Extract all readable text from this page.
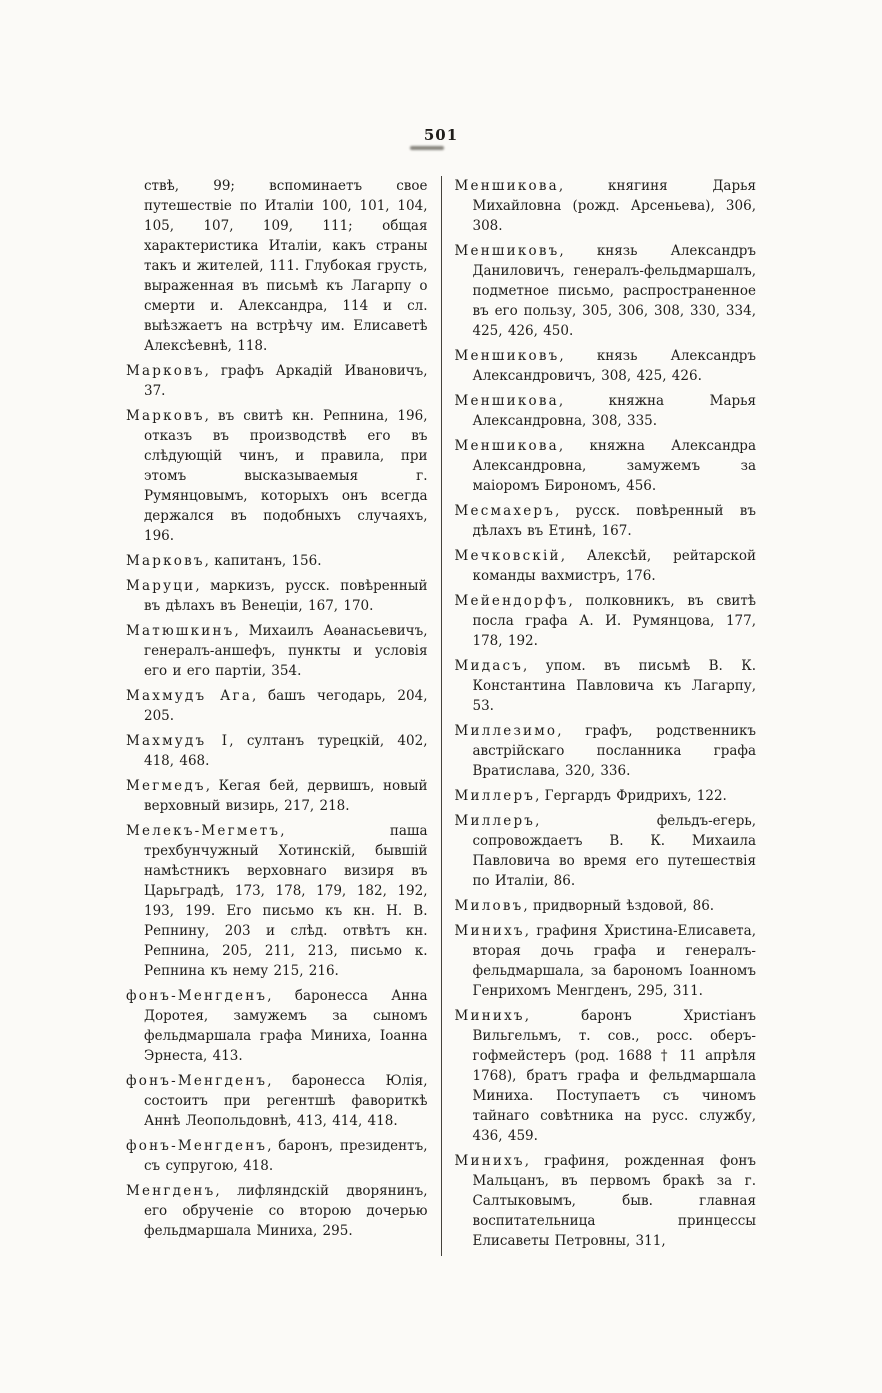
501

ствѣ, 99; вспоминаетъ свое путешествіе по Италіи 100, 101, 104, 105, 107, 109, 111; общая характеристика Италіи, какъ страны такъ и жителей, 111. Глубокая грусть, выраженная въ письмѣ къ Лагарпу о смерти и. Александра, 114 и сл. выѣзжаетъ на встрѣчу им. Елисаветѣ Алексѣевнѣ, 118.

Марковъ, графъ Аркадій Ивановичъ, 37.

Марковъ, въ свитѣ кн. Репнина, 196, отказъ въ производствѣ его въ слѣдующій чинъ, и правила, при этомъ высказываемыя г. Румянцовымъ, которыхъ онъ всегда держался въ подобныхъ случаяхъ, 196.

Марковъ, капитанъ, 156.

Маруци, маркизъ, русск. повѣренный въ дѣлахъ въ Венеціи, 167, 170.

Матюшкинъ, Михаилъ Аѳанасьевичъ, генералъ-аншефъ, пункты и условія его и его партіи, 354.

Махмудъ Ага, башъ чегодарь, 204, 205.

Махмудъ I, султанъ турецкій, 402, 418, 468.

Мегмедъ, Кегая бей, дервишъ, новый верховный визирь, 217, 218.

Мелекъ-Мегметъ, паша трехбунчужный Хотинскій, бывшій намѣстникъ верховнаго визиря въ Царьградѣ, 173, 178, 179, 182, 192, 193, 199. Его письмо къ кн. Н. В. Репнину, 203 и слѣд. отвѣтъ кн. Репнина, 205, 211, 213, письмо к. Репнина къ нему 215, 216.

фонъ-Менгденъ, баронесса Анна Доротея, замужемъ за сыномъ фельдмаршала графа Миниха, Іоанна Эрнеста, 413.

фонъ-Менгденъ, баронесса Юлія, состоитъ при регентшѣ фавориткѣ Аннѣ Леопольдовнѣ, 413, 414, 418.

фонъ-Менгденъ, баронъ, президентъ, съ супругою, 418.

Менгденъ, лифляндскій дворянинъ, его обрученіе со второю дочерью фельдмаршала Миниха, 295.

Меншикова, княгиня Дарья Михайловна (рожд. Арсеньева), 306, 308.

Меншиковъ, князь Александръ Даниловичъ, генералъ-фельдмаршалъ, подметное письмо, распространенное въ его пользу, 305, 306, 308, 330, 334, 425, 426, 450.

Меншиковъ, князь Александръ Александровичъ, 308, 425, 426.

Меншикова, княжна Марья Александровна, 308, 335.

Меншикова, княжна Александра Александровна, замужемъ за маіоромъ Бирономъ, 456.

Месмахеръ, русск. повѣренный въ дѣлахъ въ Етинѣ, 167.

Мечковскій, Алексѣй, рейтарской команды вахмистръ, 176.

Мейендорфъ, полковникъ, въ свитѣ посла графа А. И. Румянцова, 177, 178, 192.

Мидасъ, упом. въ письмѣ В. К. Константина Павловича къ Лагарпу, 53.

Миллезимо, графъ, родственникъ австрійскаго посланника графа Вратислава, 320, 336.

Миллеръ, Гергардъ Фридрихъ, 122.

Миллеръ, фельдъ-егерь, сопровождаетъ В. К. Михаила Павловича во время его путешествія по Италіи, 86.

Миловъ, придворный ѣздовой, 86.

Минихъ, графиня Христина-Елисавета, вторая дочь графа и генералъ-фельдмаршала, за барономъ Іоанномъ Генрихомъ Менгденъ, 295, 311.

Минихъ, баронъ Христіанъ Вильгельмъ, т. сов., росс. оберъ-гофмейстеръ (род. 1688 † 11 апрѣля 1768), братъ графа и фельдмаршала Миниха. Поступаетъ съ чиномъ тайнаго совѣтника на русс. службу, 436, 459.

Минихъ, графиня, рожденная фонъ Мальцанъ, въ первомъ бракѣ за г. Салтыковымъ, быв. главная воспитательница принцессы Елисаветы Петровны, 311,
